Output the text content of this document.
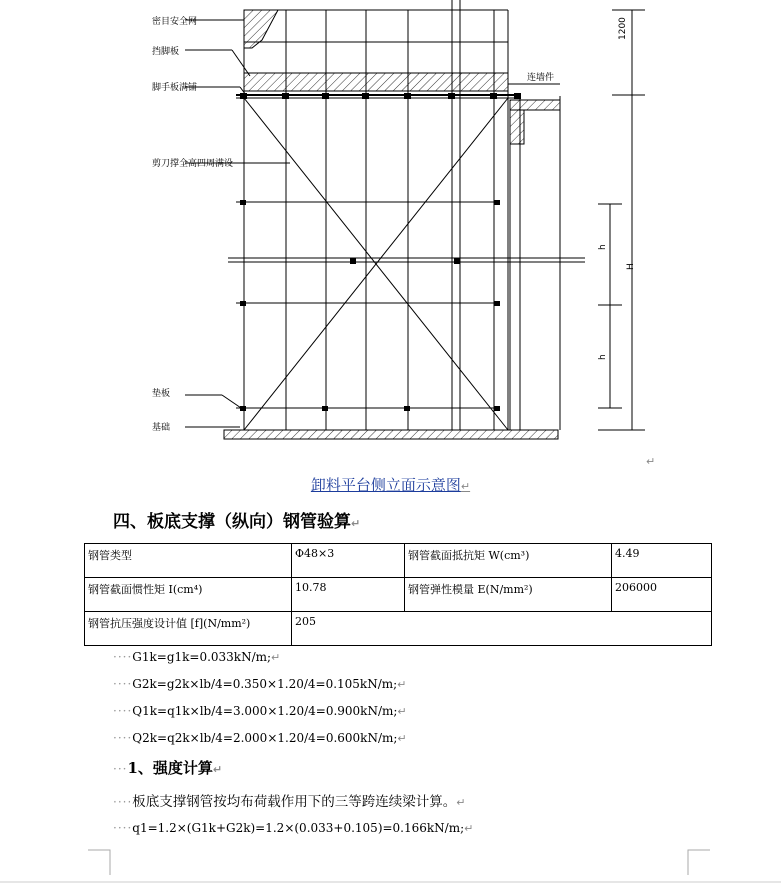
密目安全网
挡脚板
脚手板满铺
剪刀撑全高四周满设
连墙件
垫板
基础
1200
h
h
H
↵
卸料平台侧立面示意图↵
四、板底支撑（纵向）钢管验算↵
钢管类型	Φ48×3	钢管截面抵抗矩 W(cm³)	4.49
钢管截面惯性矩 I(cm⁴)	10.78	钢管弹性模量 E(N/mm²)	206000
钢管抗压强度设计值 [f](N/mm²)	205		
····G1k=g1k=0.033kN/m;↵
····G2k=g2k×lb/4=0.350×1.20/4=0.105kN/m;↵
····Q1k=q1k×lb/4=3.000×1.20/4=0.900kN/m;↵
····Q2k=q2k×lb/4=2.000×1.20/4=0.600kN/m;↵
···1、强度计算↵
····板底支撑钢管按均布荷载作用下的三等跨连续梁计算。↵
····q1=1.2×(G1k+G2k)=1.2×(0.033+0.105)=0.166kN/m;↵
